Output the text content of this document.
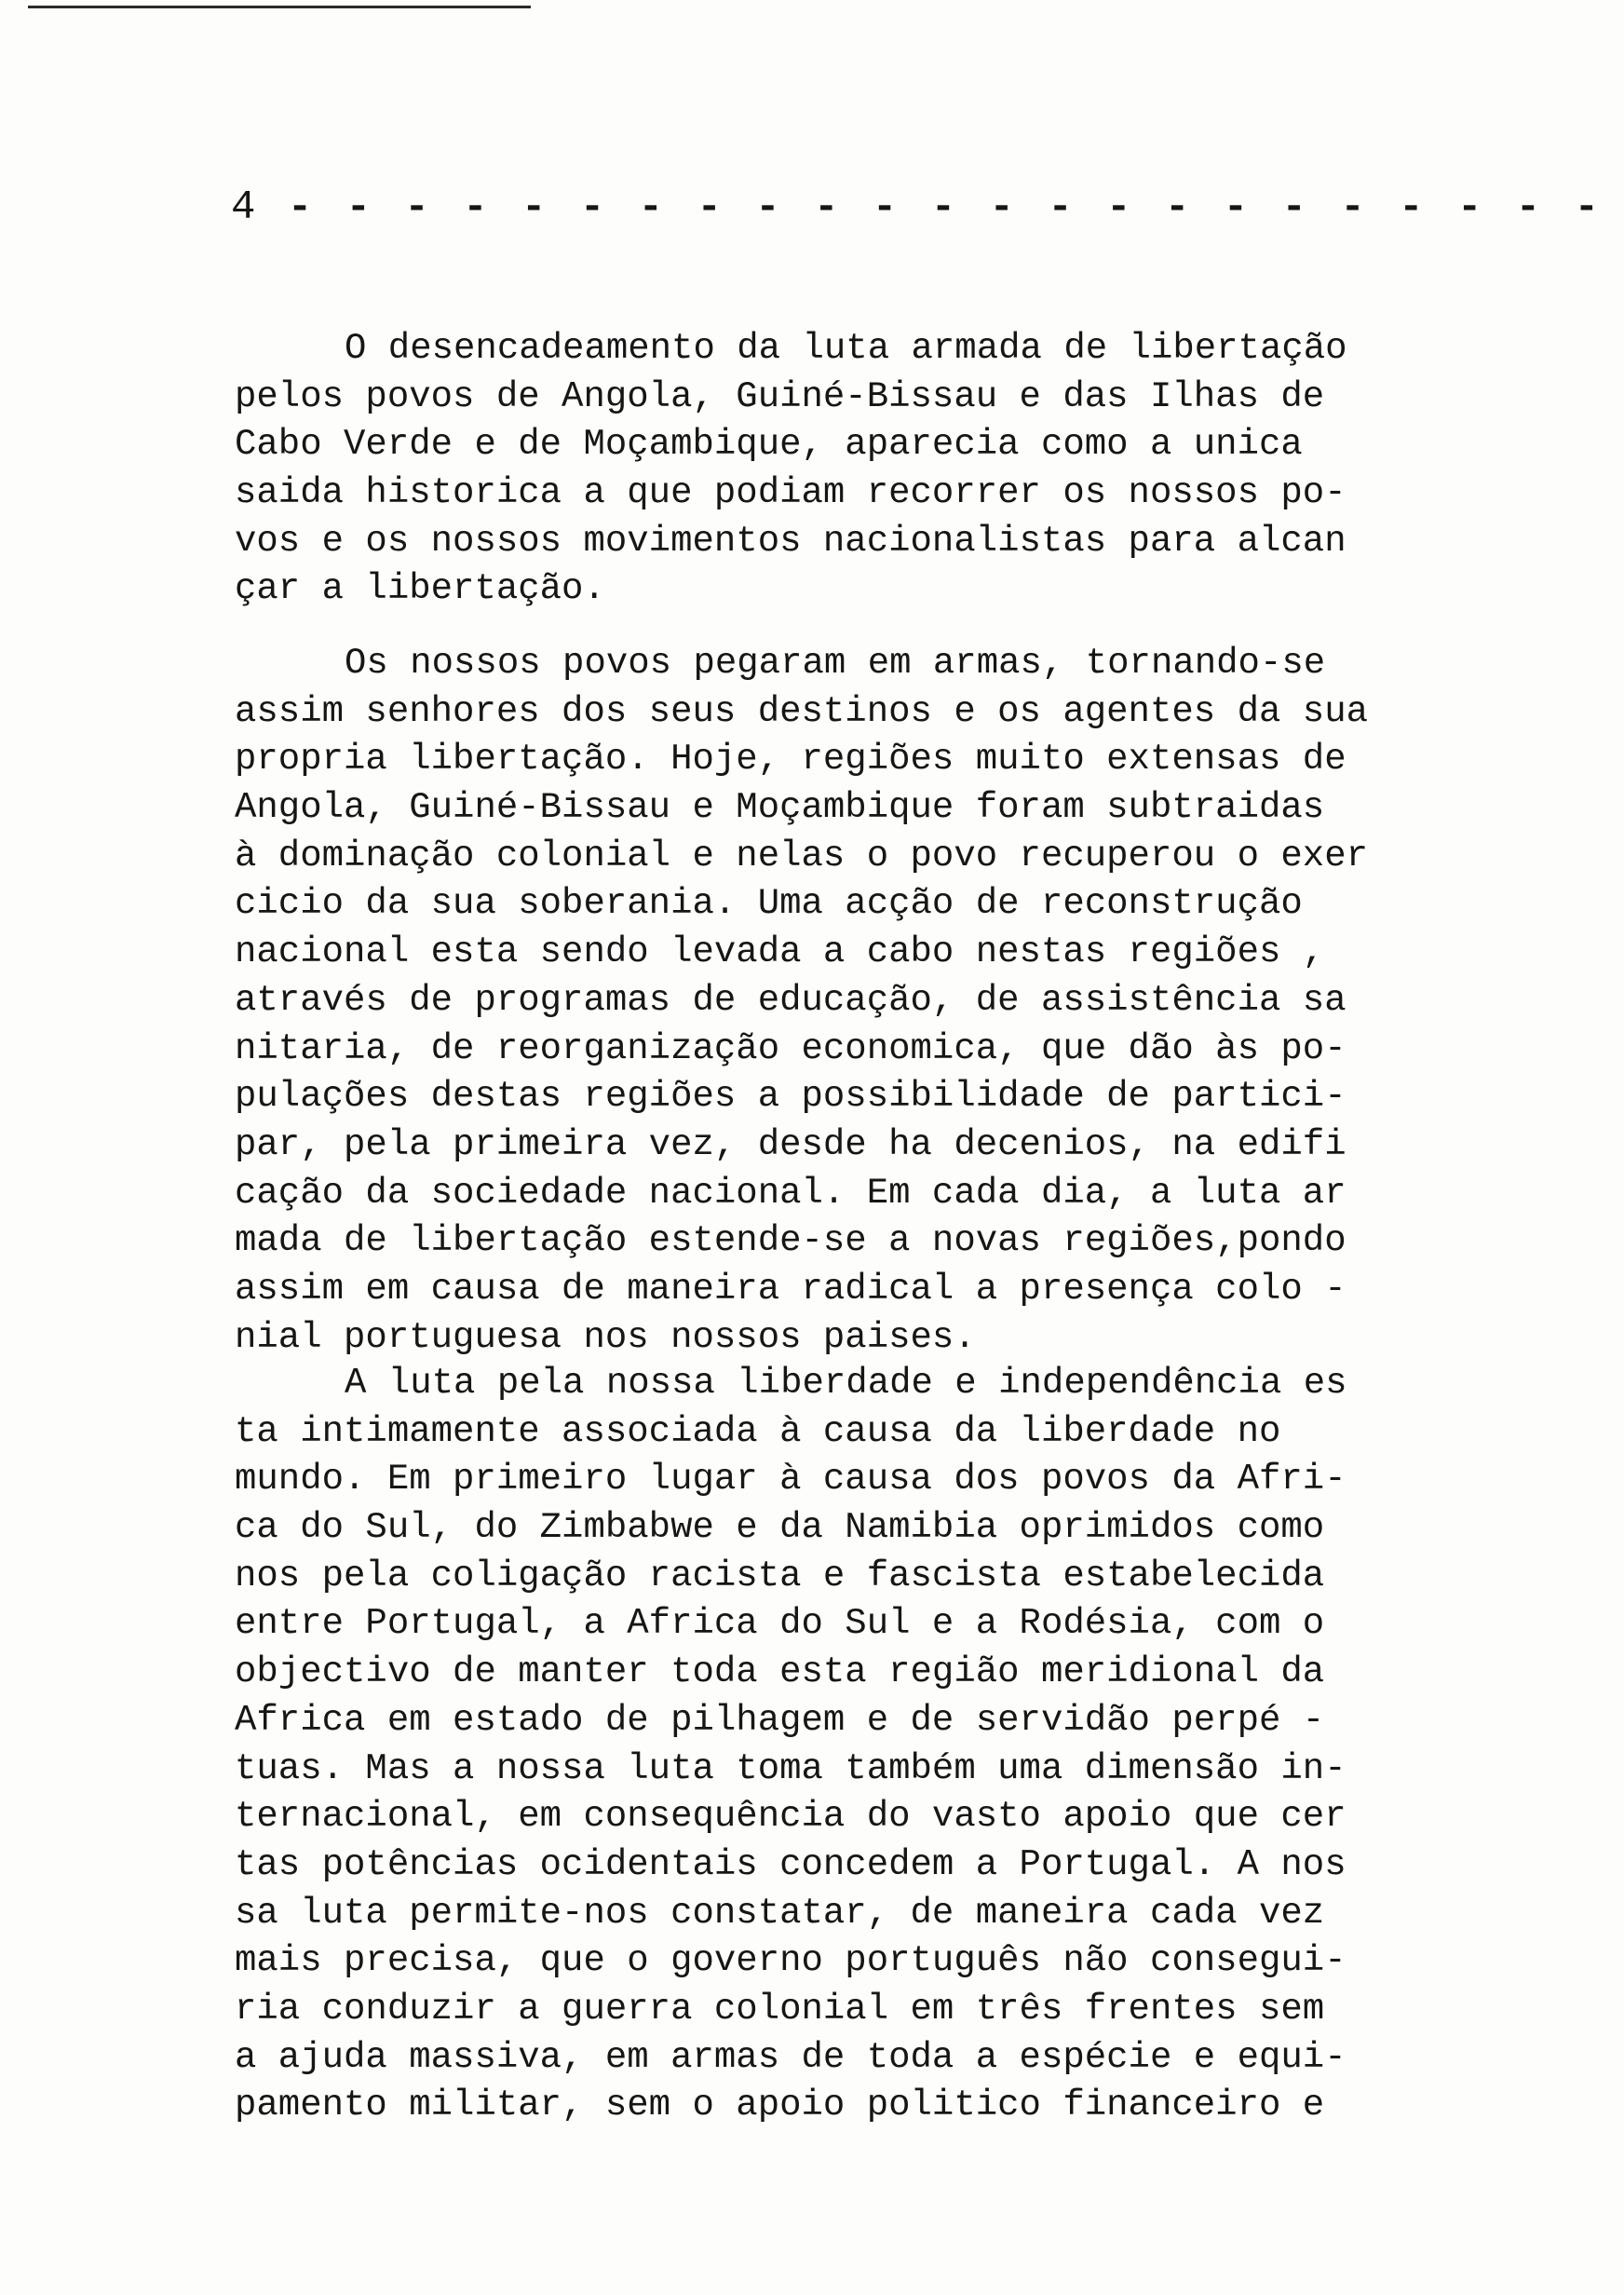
4 - - - - - - - - - - - - - - - - - - - - - - -
O desencadeamento da luta armada de libertação
pelos povos de Angola, Guiné-Bissau e das Ilhas de
Cabo Verde e de Moçambique, aparecia como a unica
saida historica a que podiam recorrer os nossos po-
vos e os nossos movimentos nacionalistas para alcan
çar a libertação.
Os nossos povos pegaram em armas, tornando-se
assim senhores dos seus destinos e os agentes da sua
propria libertação. Hoje, regiões muito extensas de
Angola, Guiné-Bissau e Moçambique foram subtraidas
à dominação colonial e nelas o povo recuperou o exer
cicio da sua soberania. Uma acção de reconstrução
nacional esta sendo levada a cabo nestas regiões ,
através de programas de educação, de assistência sa
nitaria, de reorganização economica, que dão às po-
pulações destas regiões a possibilidade de partici-
par, pela primeira vez, desde ha decenios, na edifi
cação da sociedade nacional. Em cada dia, a luta ar
mada de libertação estende-se a novas regiões,pondo
assim em causa de maneira radical a presença colo -
nial portuguesa nos nossos paises.
A luta pela nossa liberdade e independência es
ta intimamente associada à causa da liberdade no
mundo. Em primeiro lugar à causa dos povos da Afri-
ca do Sul, do Zimbabwe e da Namibia oprimidos como
nos pela coligação racista e fascista estabelecida
entre Portugal, a Africa do Sul e a Rodésia, com o
objectivo de manter toda esta região meridional da
Africa em estado de pilhagem e de servidão perpé -
tuas. Mas a nossa luta toma também uma dimensão in-
ternacional, em consequência do vasto apoio que cer
tas potências ocidentais concedem a Portugal. A nos
sa luta permite-nos constatar, de maneira cada vez
mais precisa, que o governo português não consegui-
ria conduzir a guerra colonial em três frentes sem
a ajuda massiva, em armas de toda a espécie e equi-
pamento militar, sem o apoio politico financeiro e
